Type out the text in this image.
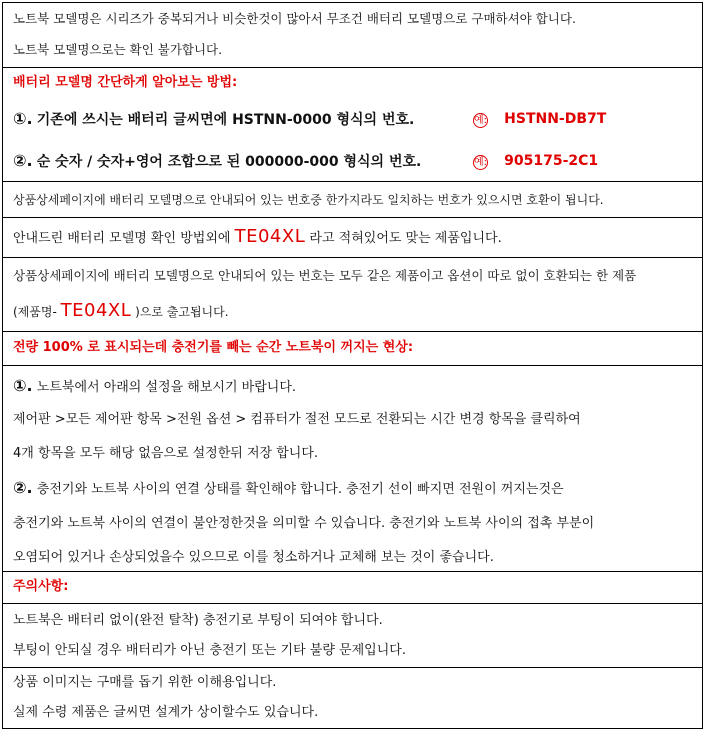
노트북 모델명은 시리즈가 중복되거나 비슷한것이 많아서 무조건 배터리 모델명으로 구매하셔야 합니다.
노트북 모델명으로는 확인 불가합니다.
배터리 모델명 간단하게 알아보는 방법:
①. 기존에 쓰시는 배터리 글씨면에 HSTNN-0000 형식의 번호.	예: HSTNN-DB7T
②. 순 숫자 / 숫자+영어 조합으로 된 000000-000 형식의 번호.	예: 905175-2C1
상품상세페이지에 배터리 모델명으로 안내되어 있는 번호중 한가지라도 일치하는 번호가 있으시면 호환이 됩니다.
안내드린 배터리 모델명 확인 방법외에 TE04XL 라고 적혀있어도 맞는 제품입니다.
상품상세페이지에 배터리 모델명으로 안내되어 있는 번호는 모두 같은 제품이고 옵션이 따로 없이 호환되는 한 제품
(제품명- TE04XL )으로 출고됩니다.
전량 100% 로 표시되는데 충전기를 빼는 순간 노트북이 꺼지는 현상:
①. 노트북에서 아래의 설정을 해보시기 바랍니다.
제어판 >모든 제어판 항목 >전원 옵션 > 컴퓨터가 절전 모드로 전환되는 시간 변경 항목을 클릭하여
4개 항목을 모두 해당 없음으로 설정한뒤 저장 합니다.
②. 충전기와 노트북 사이의 연결 상태를 확인해야 합니다. 충전기 선이 빠지면 전원이 꺼지는것은
충전기와 노트북 사이의 연결이 불안정한것을 의미할 수 있습니다. 충전기와 노트북 사이의 접촉 부분이
오염되어 있거나 손상되었을수 있으므로 이를 청소하거나 교체해 보는 것이 좋습니다.
주의사항:
노트북은 배터리 없이(완전 탈착) 충전기로 부팅이 되여야 합니다.
부팅이 안되실 경우 배터리가 아닌 충전기 또는 기타 불량 문제입니다.
상품 이미지는 구매를 돕기 위한 이해용입니다.
실제 수령 제품은 글씨면 설계가 상이할수도 있습니다.
